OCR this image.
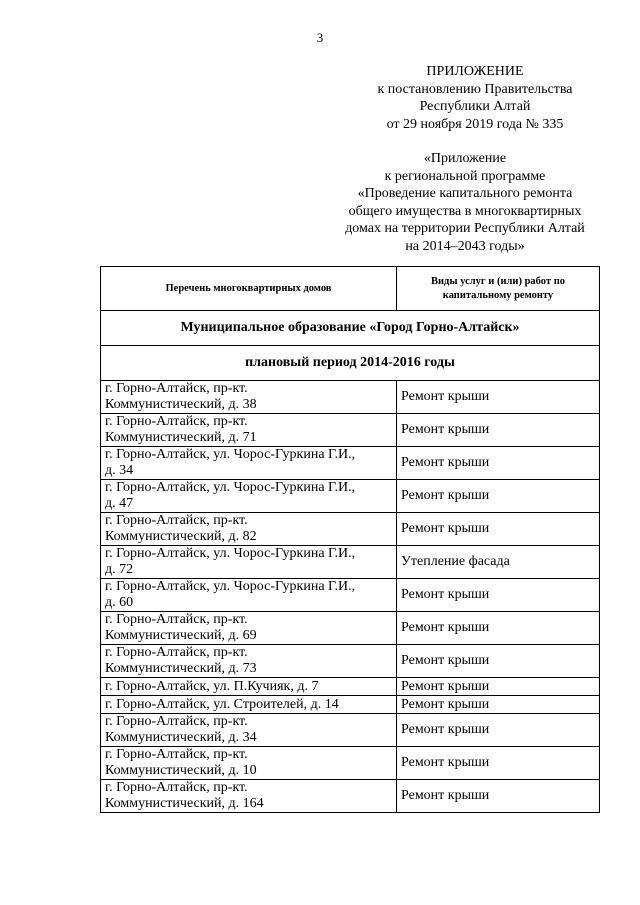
3
ПРИЛОЖЕНИЕ
к постановлению Правительства
Республики Алтай
от 29 ноября 2019 года № 335
«Приложение
к региональной программе
«Проведение капитального ремонта
общего имущества в многоквартирных
домах на территории Республики Алтай
на 2014–2043 годы»
Перечень многоквартирных домов	Виды услуг и (или) работ по капитальному ремонту
Муниципальное образование «Город Горно-Алтайск»	
плановый период 2014-2016 годы	

г. Горно-Алтайск, пр-кт.
Коммунистический, д. 38	Ремонт крыши

г. Горно-Алтайск, пр-кт.
Коммунистический, д. 71	Ремонт крыши

г. Горно-Алтайск, ул. Чорос-Гуркина Г.И.,
д. 34	Ремонт крыши

г. Горно-Алтайск, ул. Чорос-Гуркина Г.И.,
д. 47	Ремонт крыши

г. Горно-Алтайск, пр-кт.
Коммунистический, д. 82	Ремонт крыши

г. Горно-Алтайск, ул. Чорос-Гуркина Г.И.,
д. 72	Утепление фасада

г. Горно-Алтайск, ул. Чорос-Гуркина Г.И.,
д. 60	Ремонт крыши

г. Горно-Алтайск, пр-кт.
Коммунистический, д. 69	Ремонт крыши

г. Горно-Алтайск, пр-кт.
Коммунистический, д. 73	Ремонт крыши

г. Горно-Алтайск, ул. П.Кучияк, д. 7	Ремонт крыши

г. Горно-Алтайск, ул. Строителей, д. 14	Ремонт крыши

г. Горно-Алтайск, пр-кт.
Коммунистический, д. 34	Ремонт крыши

г. Горно-Алтайск, пр-кт.
Коммунистический, д. 10	Ремонт крыши

г. Горно-Алтайск, пр-кт.
Коммунистический, д. 164	Ремонт крыши
